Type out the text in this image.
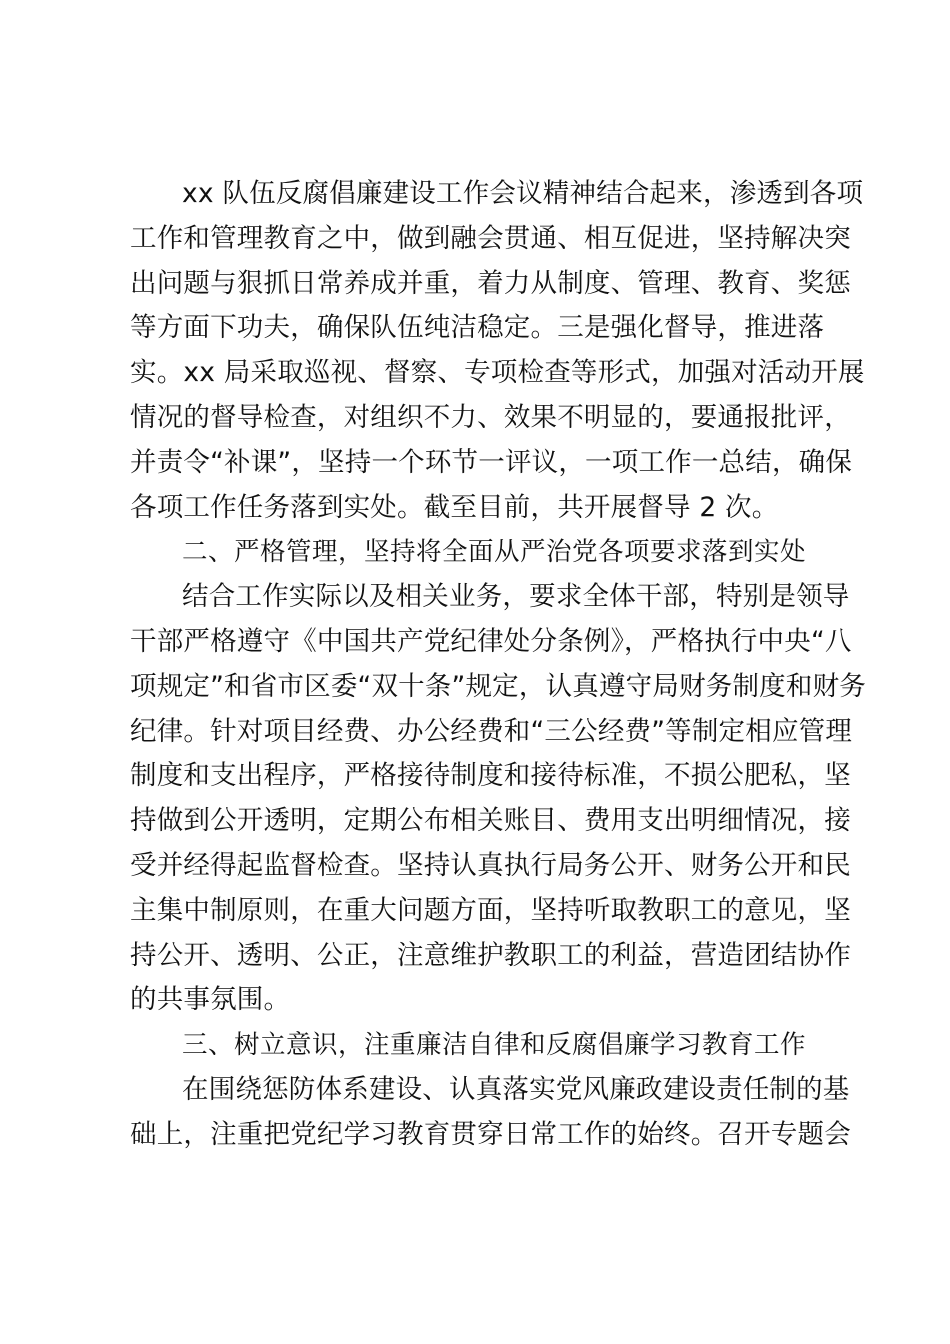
xx 队伍反腐倡廉建设工作会议精神结合起来，渗透到各项
工作和管理教育之中，做到融会贯通、相互促进，坚持解决突
出问题与狠抓日常养成并重，着力从制度、管理、教育、奖惩
等方面下功夫，确保队伍纯洁稳定。三是强化督导，推进落
实。xx 局采取巡视、督察、专项检查等形式，加强对活动开展
情况的督导检查，对组织不力、效果不明显的，要通报批评，
并责令“补课”，坚持一个环节一评议，一项工作一总结，确保
各项工作任务落到实处。截至目前，共开展督导 2 次。
二、严格管理，坚持将全面从严治党各项要求落到实处
结合工作实际以及相关业务，要求全体干部，特别是领导
干部严格遵守《中国共产党纪律处分条例》，严格执行中央“八
项规定”和省市区委“双十条”规定，认真遵守局财务制度和财务
纪律。针对项目经费、办公经费和“三公经费”等制定相应管理
制度和支出程序，严格接待制度和接待标准，不损公肥私，坚
持做到公开透明，定期公布相关账目、费用支出明细情况，接
受并经得起监督检查。坚持认真执行局务公开、财务公开和民
主集中制原则，在重大问题方面，坚持听取教职工的意见，坚
持公开、透明、公正，注意维护教职工的利益，营造团结协作
的共事氛围。
三、树立意识，注重廉洁自律和反腐倡廉学习教育工作
在围绕惩防体系建设、认真落实党风廉政建设责任制的基
础上，注重把党纪学习教育贯穿日常工作的始终。召开专题会
